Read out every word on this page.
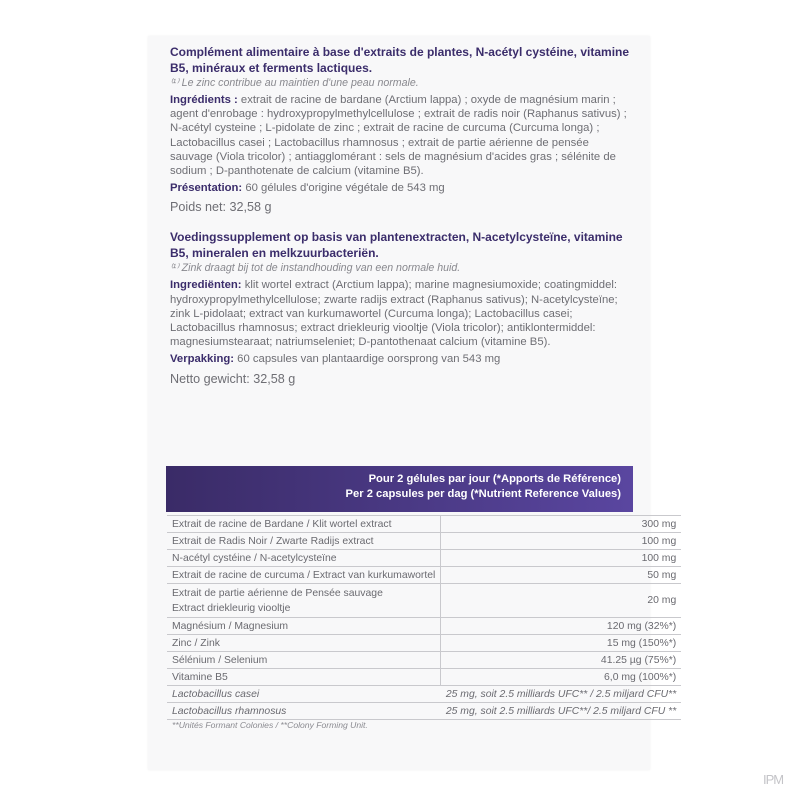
Complément alimentaire à base d'extraits de plantes, N-acétyl cystéine, vitamine B5, minéraux et ferments lactiques.
⁽¹⁾ Le zinc contribue au maintien d'une peau normale.
Ingrédients : extrait de racine de bardane (Arctium lappa) ; oxyde de magnésium marin ; agent d'enrobage : hydroxypropylmethylcellulose ; extrait de radis noir (Raphanus sativus) ; N-acétyl cysteine ; L-pidolate de zinc ; extrait de racine de curcuma (Curcuma longa) ; Lactobacillus casei ; Lactobacillus rhamnosus ; extrait de partie aérienne de pensée sauvage (Viola tricolor) ; antiagglomérant : sels de magnésium d'acides gras ; sélénite de sodium ; D-panthotenate de calcium (vitamine B5).
Présentation: 60 gélules d'origine végétale de 543 mg
Poids net: 32,58 g
Voedingssupplement op basis van plantenextracten, N-acetylcysteïne, vitamine B5, mineralen en melkzuurbacteriën.
⁽¹⁾ Zink draagt bij tot de instandhouding van een normale huid.
Ingrediënten: klit wortel extract (Arctium lappa); marine magnesiumoxide; coatingmiddel: hydroxypropylmethylcellulose; zwarte radijs extract (Raphanus sativus); N-acetylcysteïne; zink L-pidolaat; extract van kurkumawortel (Curcuma longa); Lactobacillus casei; Lactobacillus rhamnosus; extract driekleurig viooltje (Viola tricolor); antiklontermiddel: magnesiumstearaat; natriumseleniet; D-pantothenaat calcium (vitamine B5).
Verpakking: 60 capsules van plantaardige oorsprong van 543 mg
Netto gewicht: 32,58 g
Pour 2 gélules par jour (*Apports de Référence)
Per 2 capsules per dag (*Nutrient Reference Values)
Extrait de racine de Bardane / Klit wortel extract	300 mg
Extrait de Radis Noir / Zwarte Radijs extract	100 mg
N-acétyl cystéine / N-acetylcysteïne	100 mg
Extrait de racine de curcuma / Extract van kurkumawortel	50 mg

Extrait de partie aérienne de Pensée sauvage
Extract driekleurig viooltje	20 mg
Magnésium / Magnesium	120 mg (32%*)
Zinc / Zink	15 mg (150%*)
Sélénium / Selenium	41.25 µg (75%*)
Vitamine B5	6,0 mg (100%*)
Lactobacillus casei	25 mg, soit 2.5 milliards UFC** / 2.5 miljard CFU**
Lactobacillus rhamnosus	25 mg, soit 2.5 milliards UFC**/ 2.5 miljard CFU **
**Unités Formant Colonies / **Colony Forming Unit.
IPM
